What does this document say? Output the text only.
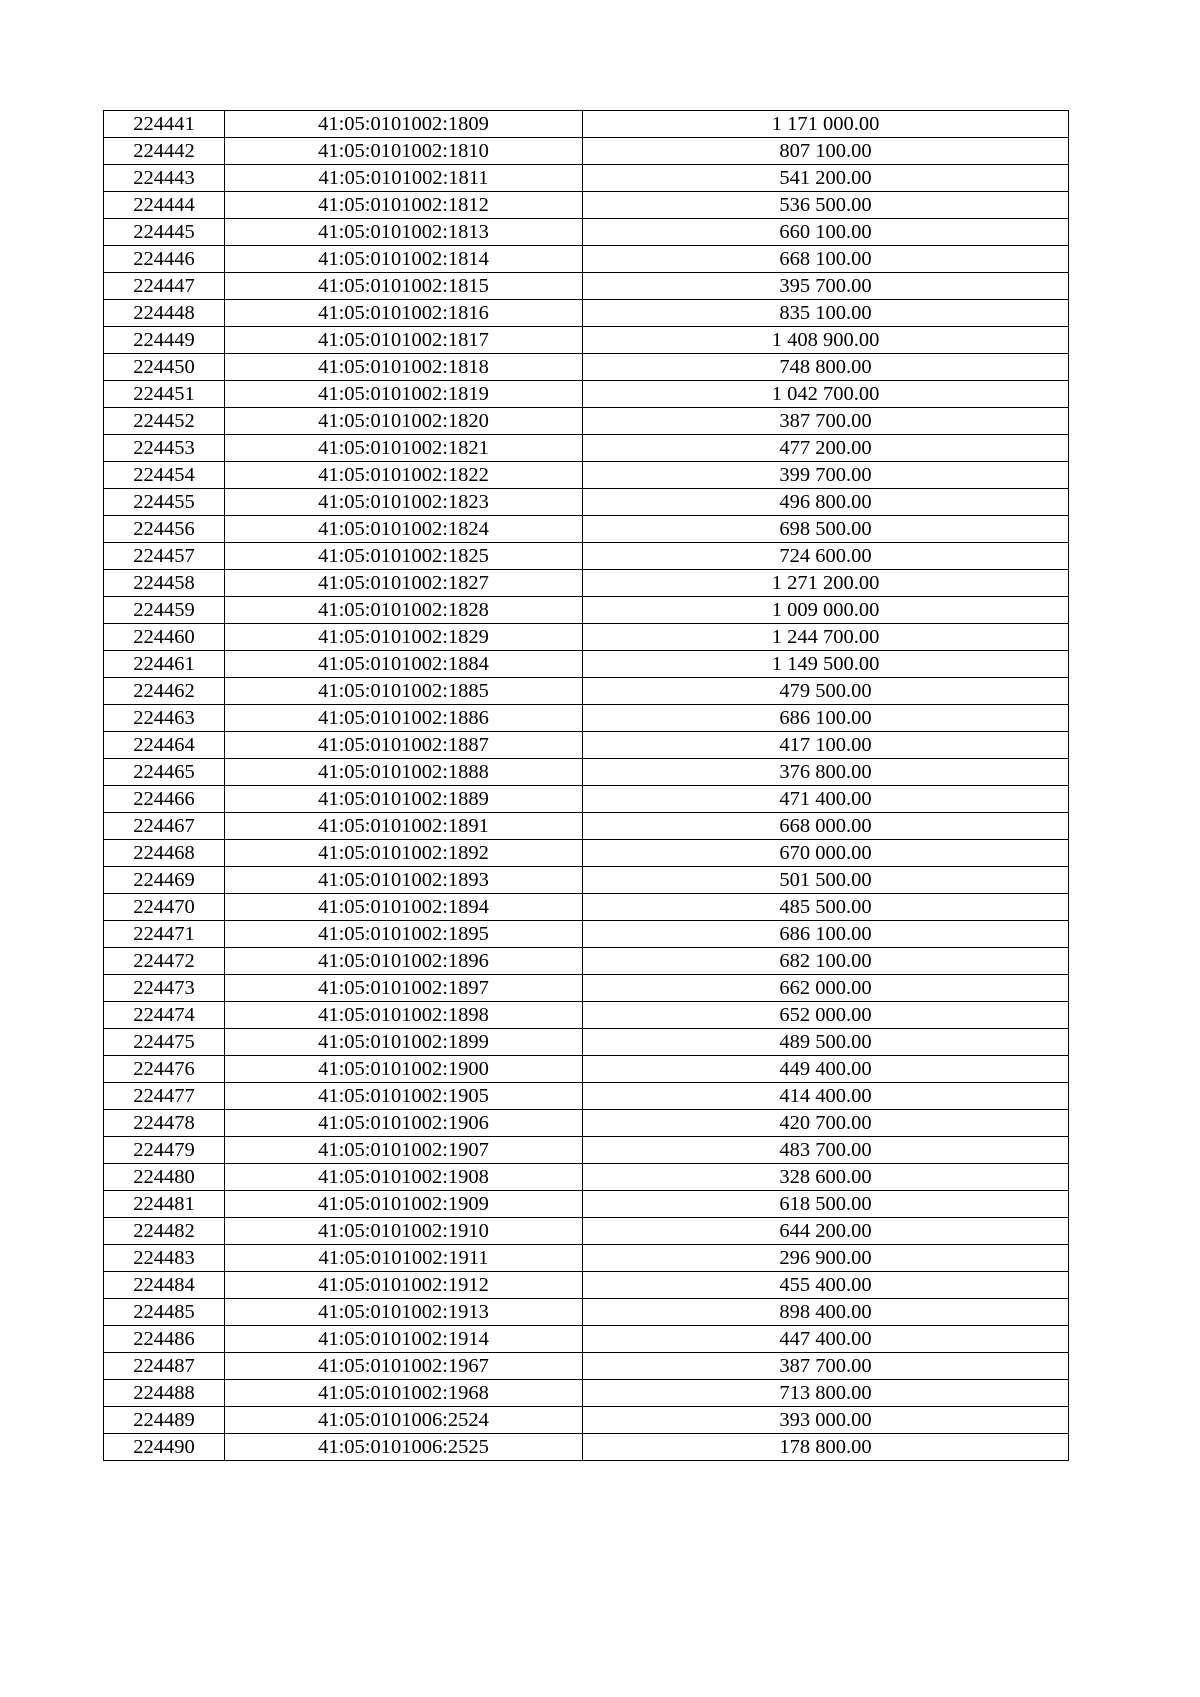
224441	41:05:0101002:1809	1 171 000.00
224442	41:05:0101002:1810	807 100.00
224443	41:05:0101002:1811	541 200.00
224444	41:05:0101002:1812	536 500.00
224445	41:05:0101002:1813	660 100.00
224446	41:05:0101002:1814	668 100.00
224447	41:05:0101002:1815	395 700.00
224448	41:05:0101002:1816	835 100.00
224449	41:05:0101002:1817	1 408 900.00
224450	41:05:0101002:1818	748 800.00
224451	41:05:0101002:1819	1 042 700.00
224452	41:05:0101002:1820	387 700.00
224453	41:05:0101002:1821	477 200.00
224454	41:05:0101002:1822	399 700.00
224455	41:05:0101002:1823	496 800.00
224456	41:05:0101002:1824	698 500.00
224457	41:05:0101002:1825	724 600.00
224458	41:05:0101002:1827	1 271 200.00
224459	41:05:0101002:1828	1 009 000.00
224460	41:05:0101002:1829	1 244 700.00
224461	41:05:0101002:1884	1 149 500.00
224462	41:05:0101002:1885	479 500.00
224463	41:05:0101002:1886	686 100.00
224464	41:05:0101002:1887	417 100.00
224465	41:05:0101002:1888	376 800.00
224466	41:05:0101002:1889	471 400.00
224467	41:05:0101002:1891	668 000.00
224468	41:05:0101002:1892	670 000.00
224469	41:05:0101002:1893	501 500.00
224470	41:05:0101002:1894	485 500.00
224471	41:05:0101002:1895	686 100.00
224472	41:05:0101002:1896	682 100.00
224473	41:05:0101002:1897	662 000.00
224474	41:05:0101002:1898	652 000.00
224475	41:05:0101002:1899	489 500.00
224476	41:05:0101002:1900	449 400.00
224477	41:05:0101002:1905	414 400.00
224478	41:05:0101002:1906	420 700.00
224479	41:05:0101002:1907	483 700.00
224480	41:05:0101002:1908	328 600.00
224481	41:05:0101002:1909	618 500.00
224482	41:05:0101002:1910	644 200.00
224483	41:05:0101002:1911	296 900.00
224484	41:05:0101002:1912	455 400.00
224485	41:05:0101002:1913	898 400.00
224486	41:05:0101002:1914	447 400.00
224487	41:05:0101002:1967	387 700.00
224488	41:05:0101002:1968	713 800.00
224489	41:05:0101006:2524	393 000.00
224490	41:05:0101006:2525	178 800.00
